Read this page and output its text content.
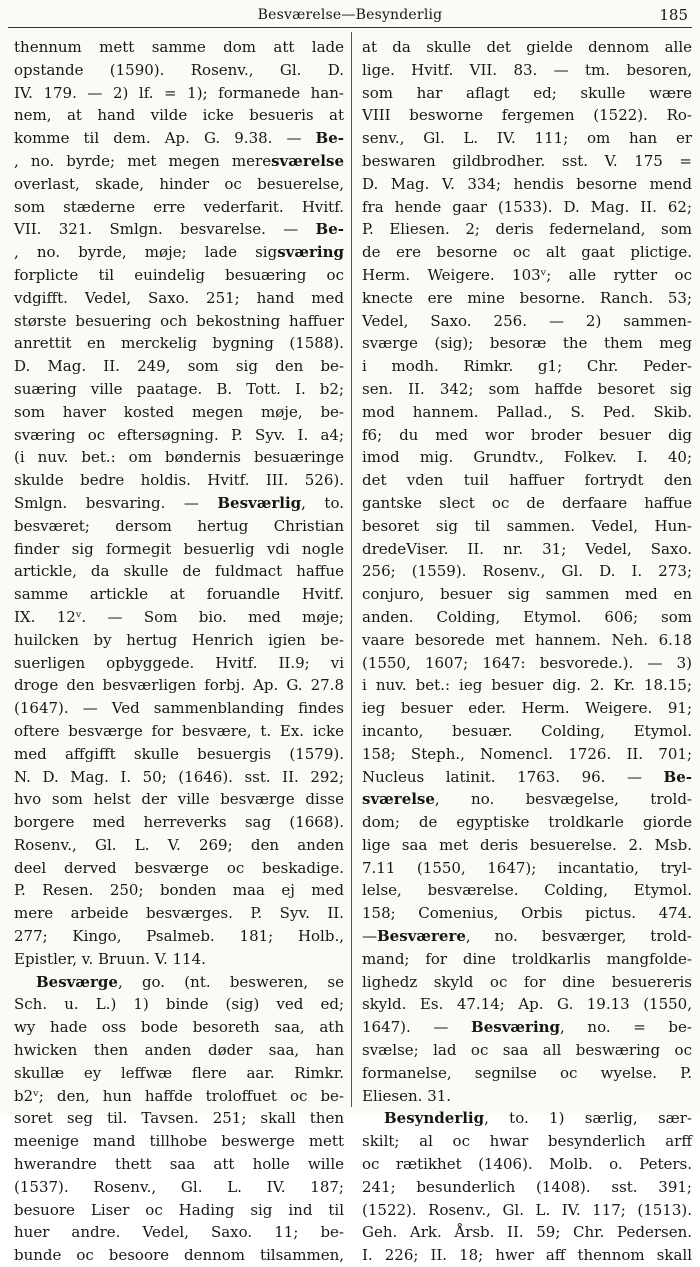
Besværelse—Besynderlig	185
thennum mett samme dom att lade
opstande (1590). Rosenv., Gl. D.
IV. 179. — 2) lf. = 1); formanede han-
nem, at hand vilde icke besueris at
komme til dem. Ap. G. 9.38. — Be-
, no. byrde; met megen meresværelse
overlast, skade, hinder oc besuerelse,
som stæderne erre vederfarit. Hvitf.
VII. 321. Smlgn. besvarelse. — Be-
, no. byrde, møje; lade sigsværing
forplicte til euindelig besuæring oc
vdgifft. Vedel, Saxo. 251; hand med
største besuering och bekostning haffuer
anrettit en merckelig bygning (1588).
D. Mag. II. 249, som sig den be-
suæring ville paatage. B. Tott. I. b2;
som haver kosted megen møje, be-
sværing oc eftersøgning. P. Syv. I. a4;
(i nuv. bet.: om bøndernis besuæringe
skulde bedre holdis. Hvitf. III. 526).
Smlgn. besvaring. — Besværlig, to.
besværet; dersom hertug Christian
finder sig formegit besuerlig vdi nogle
artickle, da skulle de fuldmact haffue
samme artickle at foruandle Hvitf.
IX. 12ᵛ. — Som bio. med møje;
huilcken by hertug Henrich igien be-
suerligen opbyggede. Hvitf. II.9; vi
droge den besværligen forbj. Ap. G. 27.8
(1647). — Ved sammenblanding findes
oftere besværge for besvære, t. Ex. icke
med affgifft skulle besuergis (1579).
N. D. Mag. I. 50; (1646). sst. II. 292;
hvo som helst der ville besværge disse
borgere med herreverks sag (1668).
Rosenv., Gl. L. V. 269; den anden
deel derved besværge oc beskadige.
P. Resen. 250; bonden maa ej med
mere arbeide besværges. P. Syv. II.
277; Kingo, Psalmeb. 181; Holb.,
Epistler, v. Bruun. V. 114.
Besværge, go. (nt. besweren, se
Sch. u. L.) 1) binde (sig) ved ed;
wy hade oss bode besoreth saa, ath
hwicken then anden døder saa, han
skullæ ey leffwæ flere aar. Rimkr.
b2ᵛ; den, hun haffde troloffuet oc be-
soret seg til. Tavsen. 251; skall then
meenige mand tillhobe beswerge mett
hwerandre thett saa att holle wille
(1537). Rosenv., Gl. L. IV. 187;
besuore Liser oc Hading sig ind til
huer andre. Vedel, Saxo. 11; be-
bunde oc besoore dennom tilsammen,
at da skulle det gielde dennom alle
lige. Hvitf. VII. 83. — tm. besoren,
som har aflagt ed; skulle wære
VIII besworne fergemen (1522). Ro-
senv., Gl. L. IV. 111; om han er
beswaren gildbrodher. sst. V. 175 =
D. Mag. V. 334; hendis besorne mend
fra hende gaar (1533). D. Mag. II. 62;
P. Eliesen. 2; deris federneland, som
de ere besorne oc alt gaat plictige.
Herm. Weigere. 103ᵛ; alle rytter oc
knecte ere mine besorne. Ranch. 53;
Vedel, Saxo. 256. — 2) sammen-
sværge (sig); besoræ the them meg
i modh. Rimkr. g1; Chr. Peder-
sen. II. 342; som haffde besoret sig
mod hannem. Pallad., S. Ped. Skib.
f6; du med wor broder besuer dig
imod mig. Grundtv., Folkev. I. 40;
det vden tuil haffuer fortrydt den
gantske slect oc de derfaare haffue
besoret sig til sammen. Vedel, Hun-
dredeViser. II. nr. 31; Vedel, Saxo.
256; (1559). Rosenv., Gl. D. I. 273;
conjuro, besuer sig sammen med en
anden. Colding, Etymol. 606; som
vaare besorede met hannem. Neh. 6.18
(1550, 1607; 1647: besvorede.). — 3)
i nuv. bet.: ieg besuer dig. 2. Kr. 18.15;
ieg besuer eder. Herm. Weigere. 91;
incanto, besuær. Colding, Etymol.
158; Steph., Nomencl. 1726. II. 701;
Nucleus latinit. 1763. 96. — Be-
sværelse, no. besvægelse, trold-
dom; de egyptiske troldkarle giorde
lige saa met deris besuerelse. 2. Msb.
7.11 (1550, 1647); incantatio, tryl-
lelse, besværelse. Colding, Etymol.
158; Comenius, Orbis pictus. 474.
—Besværere, no. besværger, trold-
mand; for dine troldkarlis mangfolde-
lighedz skyld oc for dine besuereris
skyld. Es. 47.14; Ap. G. 19.13 (1550,
1647). — Besværing, no. = be-
svælse; lad oc saa all beswæring oc
formanelse, segnilse oc wyelse. P.
Eliesen. 31.
Besynderlig, to. 1) særlig, sær-
skilt; al oc hwar besynderlich arff
oc rætikhet (1406). Molb. o. Peters.
241; besunderlich (1408). sst. 391;
(1522). Rosenv., Gl. L. IV. 117; (1513).
Geh. Ark. Årsb. II. 59; Chr. Pedersen.
I. 226; II. 18; hwer aff thennom skall
